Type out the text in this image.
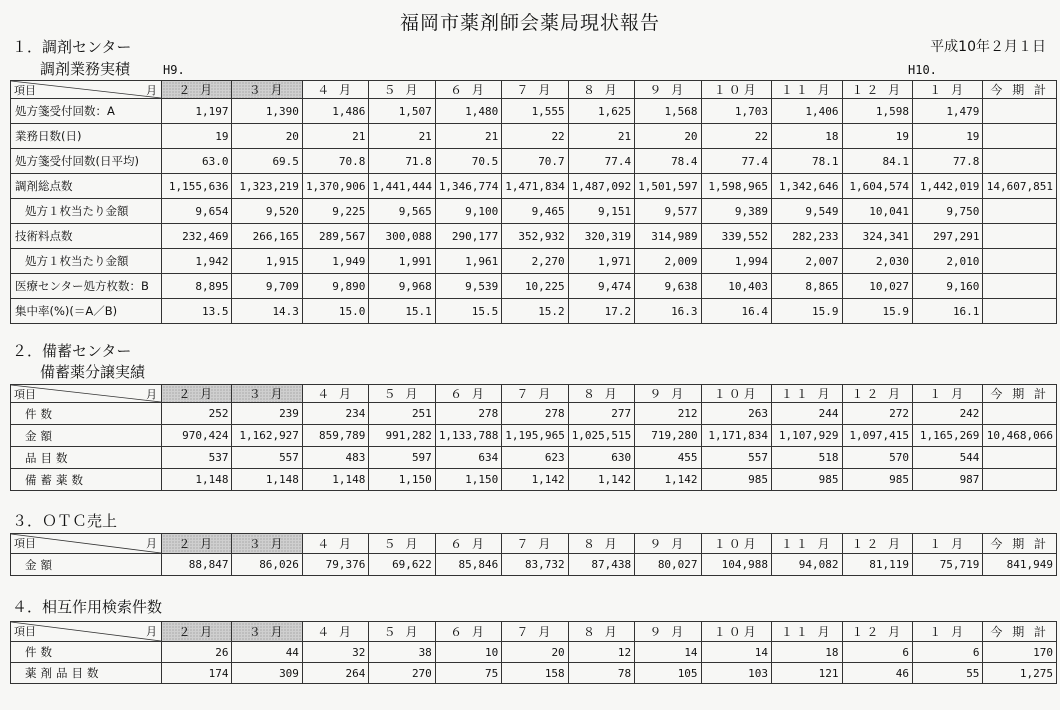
福岡市薬剤師会薬局現状報告
平成10年２月１日
１．調剤センター
調剤業務実積	H9.	H10.
項目 月	２ 月	３ 月	４ 月	５ 月	６ 月	７ 月	８ 月	９ 月	１０月	１１ 月	１２ 月	１ 月	今 期 計
処方箋受付回数：A	1,197	1,390	1,486	1,507	1,480	1,555	1,625	1,568	1,703	1,406	1,598	1,479	
業務日数(日)	19	20	21	21	21	22	21	20	22	18	19	19	
処方箋受付回数(日平均)	63.0	69.5	70.8	71.8	70.5	70.7	77.4	78.4	77.4	78.1	84.1	77.8	
調剤総点数	1,155,636	1,323,219	1,370,906	1,441,444	1,346,774	1,471,834	1,487,092	1,501,597	1,598,965	1,342,646	1,604,574	1,442,019	14,607,851
処方１枚当たり金額	9,654	9,520	9,225	9,565	9,100	9,465	9,151	9,577	9,389	9,549	10,041	9,750	
技術料点数	232,469	266,165	289,567	300,088	290,177	352,932	320,319	314,989	339,552	282,233	324,341	297,291	
処方１枚当たり金額	1,942	1,915	1,949	1,991	1,961	2,270	1,971	2,009	1,994	2,007	2,030	2,010	
医療センター処方枚数：B	8,895	9,709	9,890	9,968	9,539	10,225	9,474	9,638	10,403	8,865	10,027	9,160	
集中率(%)(＝A／B)	13.5	14.3	15.0	15.1	15.5	15.2	17.2	16.3	16.4	15.9	15.9	16.1	
２．備蓄センター
備蓄薬分譲実績
項目 月	２ 月	３ 月	４ 月	５ 月	６ 月	７ 月	８ 月	９ 月	１０月	１１ 月	１２ 月	１ 月	今 期 計
件数	252	239	234	251	278	278	277	212	263	244	272	242	
金額	970,424	1,162,927	859,789	991,282	1,133,788	1,195,965	1,025,515	719,280	1,171,834	1,107,929	1,097,415	1,165,269	10,468,066
品目数	537	557	483	597	634	623	630	455	557	518	570	544	
備蓄薬数	1,148	1,148	1,148	1,150	1,150	1,142	1,142	1,142	985	985	985	987	
３．ＯＴＣ売上
項目 月	２ 月	３ 月	４ 月	５ 月	６ 月	７ 月	８ 月	９ 月	１０月	１１ 月	１２ 月	１ 月	今 期 計
金額	88,847	86,026	79,376	69,622	85,846	83,732	87,438	80,027	104,988	94,082	81,119	75,719	841,949
４．相互作用検索件数
項目 月	２ 月	３ 月	４ 月	５ 月	６ 月	７ 月	８ 月	９ 月	１０月	１１ 月	１２ 月	１ 月	今 期 計
件数	26	44	32	38	10	20	12	14	14	18	6	6	170
薬剤品目数	174	309	264	270	75	158	78	105	103	121	46	55	1,275
